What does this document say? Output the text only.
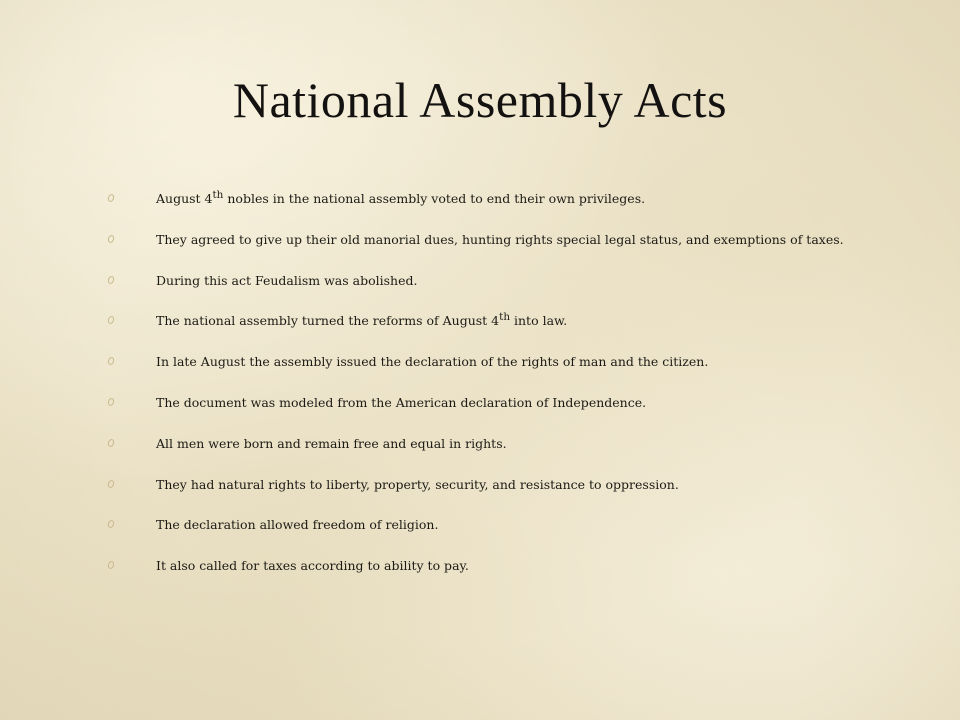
National Assembly Acts
August 4th nobles in the national assembly voted to end their own privileges.
They agreed to give up their old manorial dues, hunting rights special legal status, and exemptions of taxes.
During this act Feudalism was abolished.
The national assembly turned the reforms of August 4th into law.
In late August the assembly issued the declaration of the rights of man and the citizen.
The document was modeled from the American declaration of Independence.
All men were born and remain free and equal in rights.
They had natural rights to liberty, property, security, and resistance to oppression.
The declaration allowed freedom of religion.
It also called for taxes according to ability to pay.
